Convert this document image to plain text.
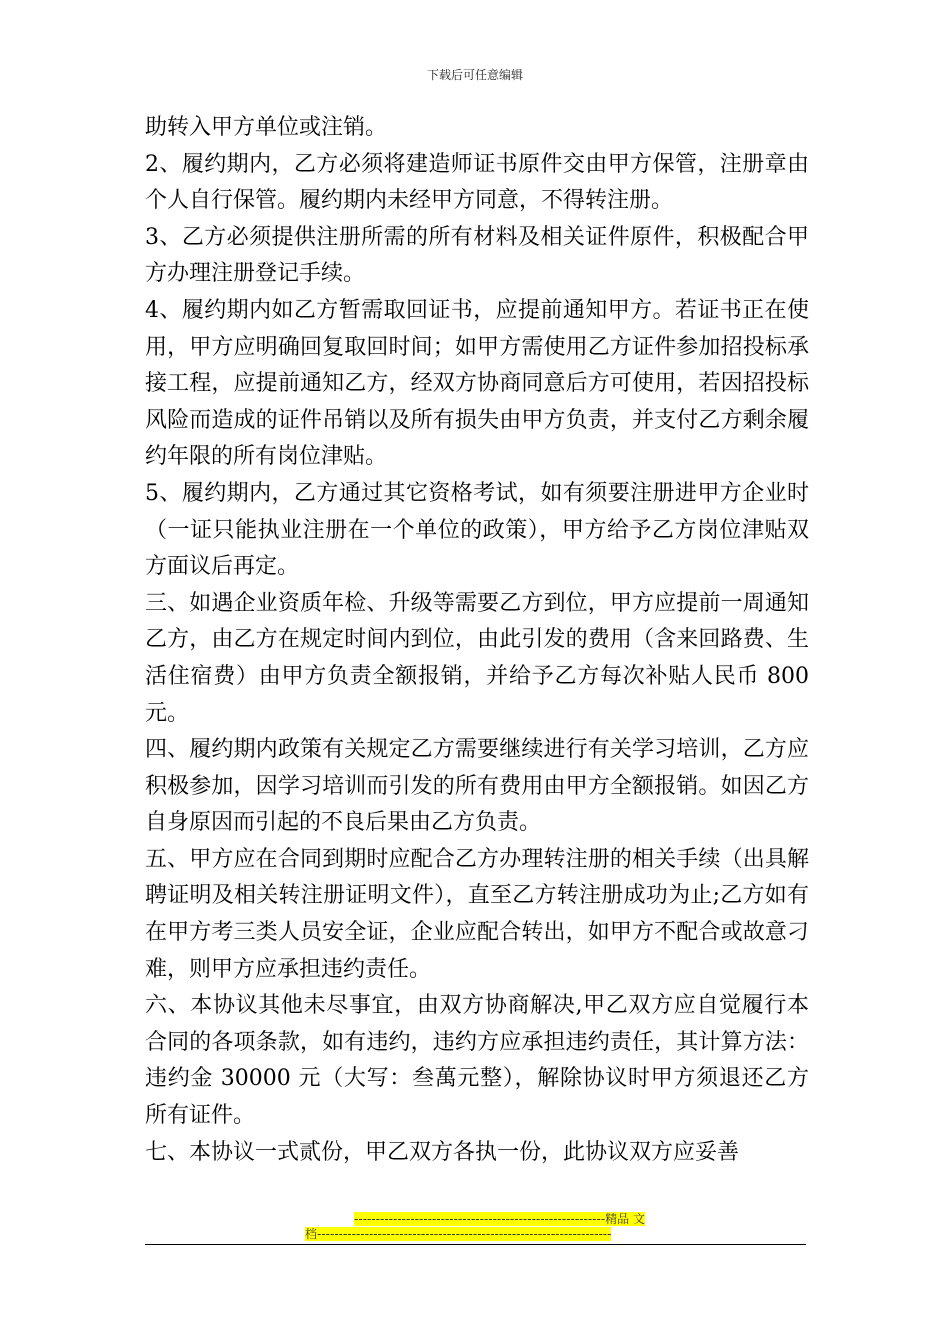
下载后可任意编辑

助转入甲方单位或注销。

2、履约期内，乙方必须将建造师证书原件交由甲方保管，注册章由个人自行保管。履约期内未经甲方同意，不得转注册。

3、乙方必须提供注册所需的所有材料及相关证件原件，积极配合甲方办理注册登记手续。

4、履约期内如乙方暂需取回证书，应提前通知甲方。若证书正在使用，甲方应明确回复取回时间；如甲方需使用乙方证件参加招投标承接工程，应提前通知乙方，经双方协商同意后方可使用，若因招投标风险而造成的证件吊销以及所有损失由甲方负责，并支付乙方剩余履约年限的所有岗位津贴。

5、履约期内，乙方通过其它资格考试，如有须要注册进甲方企业时（一证只能执业注册在一个单位的政策），甲方给予乙方岗位津贴双方面议后再定。

三、如遇企业资质年检、升级等需要乙方到位，甲方应提前一周通知乙方，由乙方在规定时间内到位，由此引发的费用（含来回路费、生活住宿费）由甲方负责全额报销，并给予乙方每次补贴人民币 800 元。

四、履约期内政策有关规定乙方需要继续进行有关学习培训，乙方应积极参加，因学习培训而引发的所有费用由甲方全额报销。如因乙方自身原因而引起的不良后果由乙方负责。

五、甲方应在合同到期时应配合乙方办理转注册的相关手续（出具解聘证明及相关转注册证明文件），直至乙方转注册成功为止;乙方如有在甲方考三类人员安全证，企业应配合转出，如甲方不配合或故意刁难，则甲方应承担违约责任。

六、本协议其他未尽事宜，由双方协商解决,甲乙双方应自觉履行本合同的各项条款，如有违约，违约方应承担违约责任，其计算方法：违约金 30000 元（大写：叁萬元整），解除协议时甲方须退还乙方所有证件。

七、本协议一式贰份，甲乙双方各执一份，此协议双方应妥善

----------------------------------------------------------精品 文
档--------------------------------------------------------------------
